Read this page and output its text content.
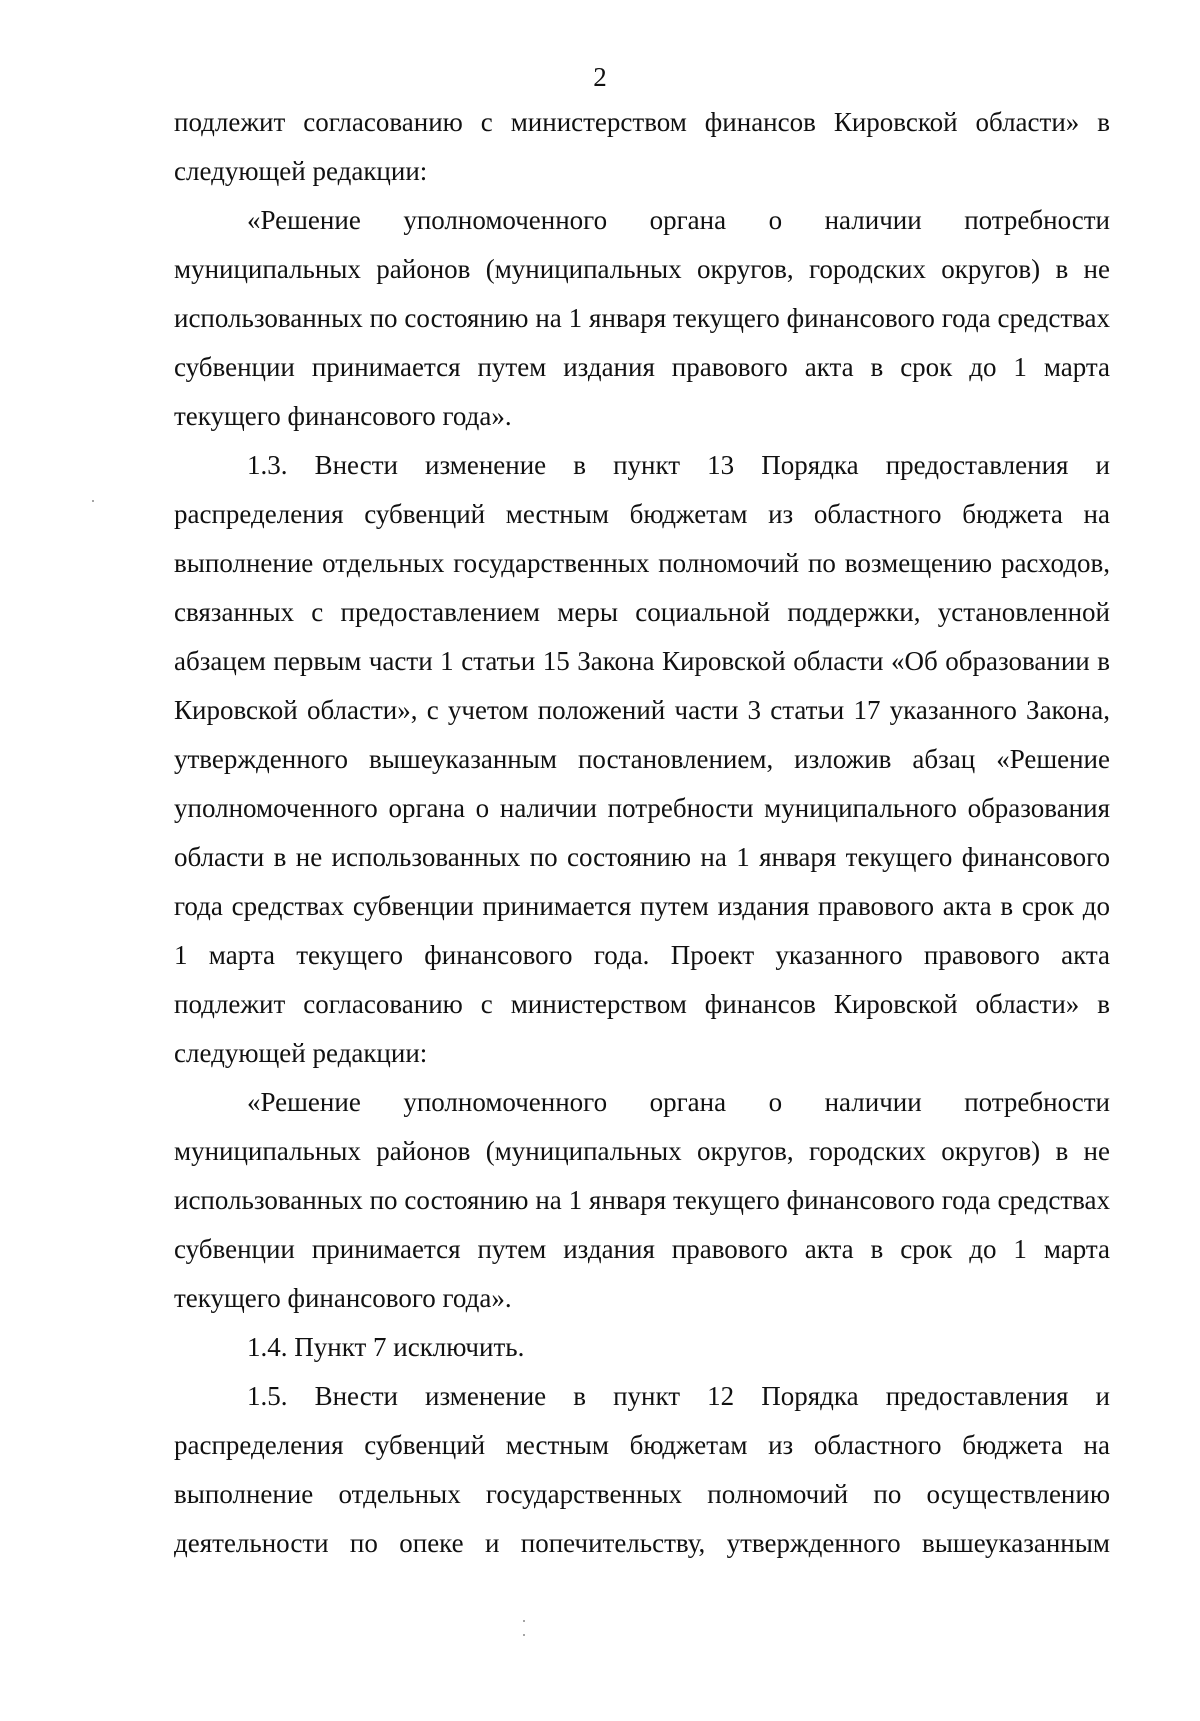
2

подлежит согласованию с министерством финансов Кировской области» в следующей редакции:

«Решение уполномоченного органа о наличии потребности муниципальных районов (муниципальных округов, городских округов) в не использованных по состоянию на 1 января текущего финансового года средствах субвенции принимается путем издания правового акта в срок до 1 марта текущего финансового года».

1.3. Внести изменение в пункт 13 Порядка предоставления и распределения субвенций местным бюджетам из областного бюджета на выполнение отдельных государственных полномочий по возмещению расходов, связанных с предоставлением меры социальной поддержки, установленной абзацем первым части 1 статьи 15 Закона Кировской области «Об образовании в Кировской области», с учетом положений части 3 статьи 17 указанного Закона, утвержденного вышеуказанным постановлением, изложив абзац «Решение уполномоченного органа о наличии потребности муниципального образования области в не использованных по состоянию на 1 января текущего финансового года средствах субвенции принимается путем издания правового акта в срок до 1 марта текущего финансового года. Проект указанного правового акта подлежит согласованию с министерством финансов Кировской области» в следующей редакции:

«Решение уполномоченного органа о наличии потребности муниципальных районов (муниципальных округов, городских округов) в не использованных по состоянию на 1 января текущего финансового года средствах субвенции принимается путем издания правового акта в срок до 1 марта текущего финансового года».

1.4. Пункт 7 исключить.

1.5. Внести изменение в пункт 12 Порядка предоставления и распределения субвенций местным бюджетам из областного бюджета на выполнение отдельных государственных полномочий по осуществлению деятельности по опеке и попечительству, утвержденного вышеуказанным
